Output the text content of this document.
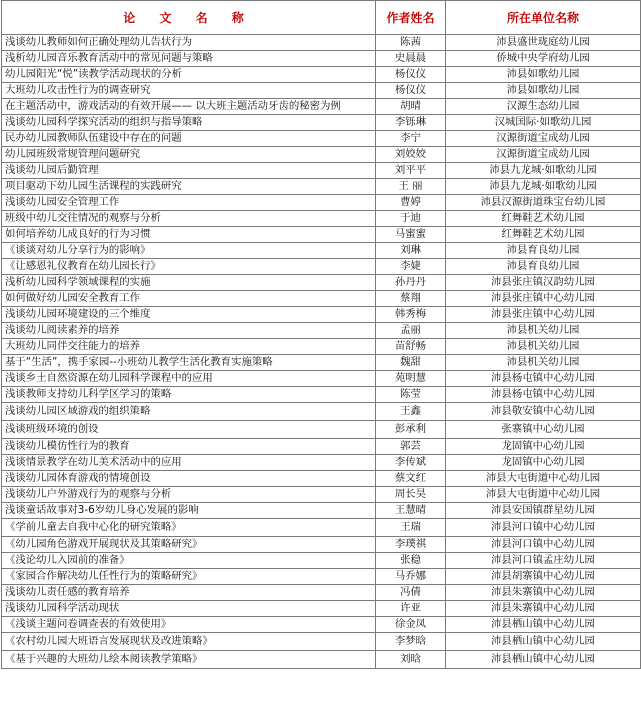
论 文 名 称	作者姓名	所在单位名称
浅谈幼儿教师如何正确处理幼儿告状行为	陈茜	沛县盛世珑庭幼儿园
浅析幼儿园音乐教育活动中的常见问题与策略	史晨晨	侨城中央学府幼儿园
幼儿园阳光“悦”读教学活动现状的分析	杨仪仪	沛县如歌幼儿园
大班幼儿攻击性行为的调查研究	杨仪仪	沛县如歌幼儿园
在主题活动中，游戏活动的有效开展—— 以大班主题活动牙齿的秘密为例	胡晴	汉源生态幼儿园
浅谈幼儿园科学探究活动的组织与指导策略	李铄琳	汉城国际·如歌幼儿园
民办幼儿园教师队伍建设中存在的问题	李宁	汉源街道宝成幼儿园
幼儿园班级常规管理问题研究	刘姣姣	汉源街道宝成幼儿园
浅谈幼儿园后勤管理	刘平平	沛县九龙城·如歌幼儿园
项目驱动下幼儿园生活课程的实践研究	王 丽	沛县九龙城·如歌幼儿园
浅谈幼儿园安全管理工作	曹婷	沛县汉源街道珠宝台幼儿园
班级中幼儿交往情况的观察与分析	于迪	红舞鞋艺术幼儿园
如何培养幼儿成良好的行为习惯	马蜜蜜	红舞鞋艺术幼儿园
《谈谈对幼儿分享行为的影响》	刘琳	沛县育良幼儿园
《让感恩礼仪教育在幼儿园长行》	李婕	沛县育良幼儿园
浅析幼儿园科学领域课程的实施	孙丹丹	沛县张庄镇汉韵幼儿园
如何做好幼儿园安全教育工作	蔡翔	沛县张庄镇中心幼儿园
浅谈幼儿园环境建设的三个维度	韩秀梅	沛县张庄镇中心幼儿园
浅谈幼儿阅读素养的培养	孟丽	沛县机关幼儿园
大班幼儿同伴交往能力的培养	苗舒畅	沛县机关幼儿园
基于“生活”，携手家园--小班幼儿教学生活化教育实施策略	魏甜	沛县机关幼儿园
浅谈乡土自然资源在幼儿园科学课程中的应用	苑明慧	沛县杨屯镇中心幼儿园
浅谈教师支持幼儿科学区学习的策略	陈莹	沛县杨屯镇中心幼儿园
浅谈幼儿园区域游戏的组织策略	王鑫	沛县敬安镇中心幼儿园
浅谈班级环境的创设	彭承利	张寨镇中心幼儿园
浅谈幼儿模仿性行为的教育	郭芸	龙固镇中心幼儿园
浅谈情景教学在幼儿美术活动中的应用	李传斌	龙固镇中心幼儿园
浅谈幼儿园体育游戏的情境创设	蔡文红	沛县大屯街道中心幼儿园
浅谈幼儿户外游戏行为的观察与分析	周长昊	沛县大屯街道中心幼儿园
浅谈童话故事对3-6岁幼儿身心发展的影响	王慧晴	沛县安国镇群星幼儿园
《学前儿童去自我中心化的研究策略》	王瑞	沛县河口镇中心幼儿园
《幼儿园角色游戏开展现状及其策略研究》	李璞祺	沛县河口镇中心幼儿园
《浅论幼儿入园前的准备》	张稳	沛县河口镇孟庄幼儿园
《家园合作解决幼儿任性行为的策略研究》	马乔娜	沛县胡寨镇中心幼儿园
浅谈幼儿责任感的教育培养	冯倩	沛县朱寨镇中心幼儿园
浅谈幼儿园科学活动现状	许亚	沛县朱寨镇中心幼儿园
《浅谈主题问卷调查表的有效使用》	徐金凤	沛县栖山镇中心幼儿园
《农村幼儿园大班语言发展现状及改进策略》	李梦晗	沛县栖山镇中心幼儿园
《基于兴趣的大班幼儿绘本阅读教学策略》	刘晗	沛县栖山镇中心幼儿园
